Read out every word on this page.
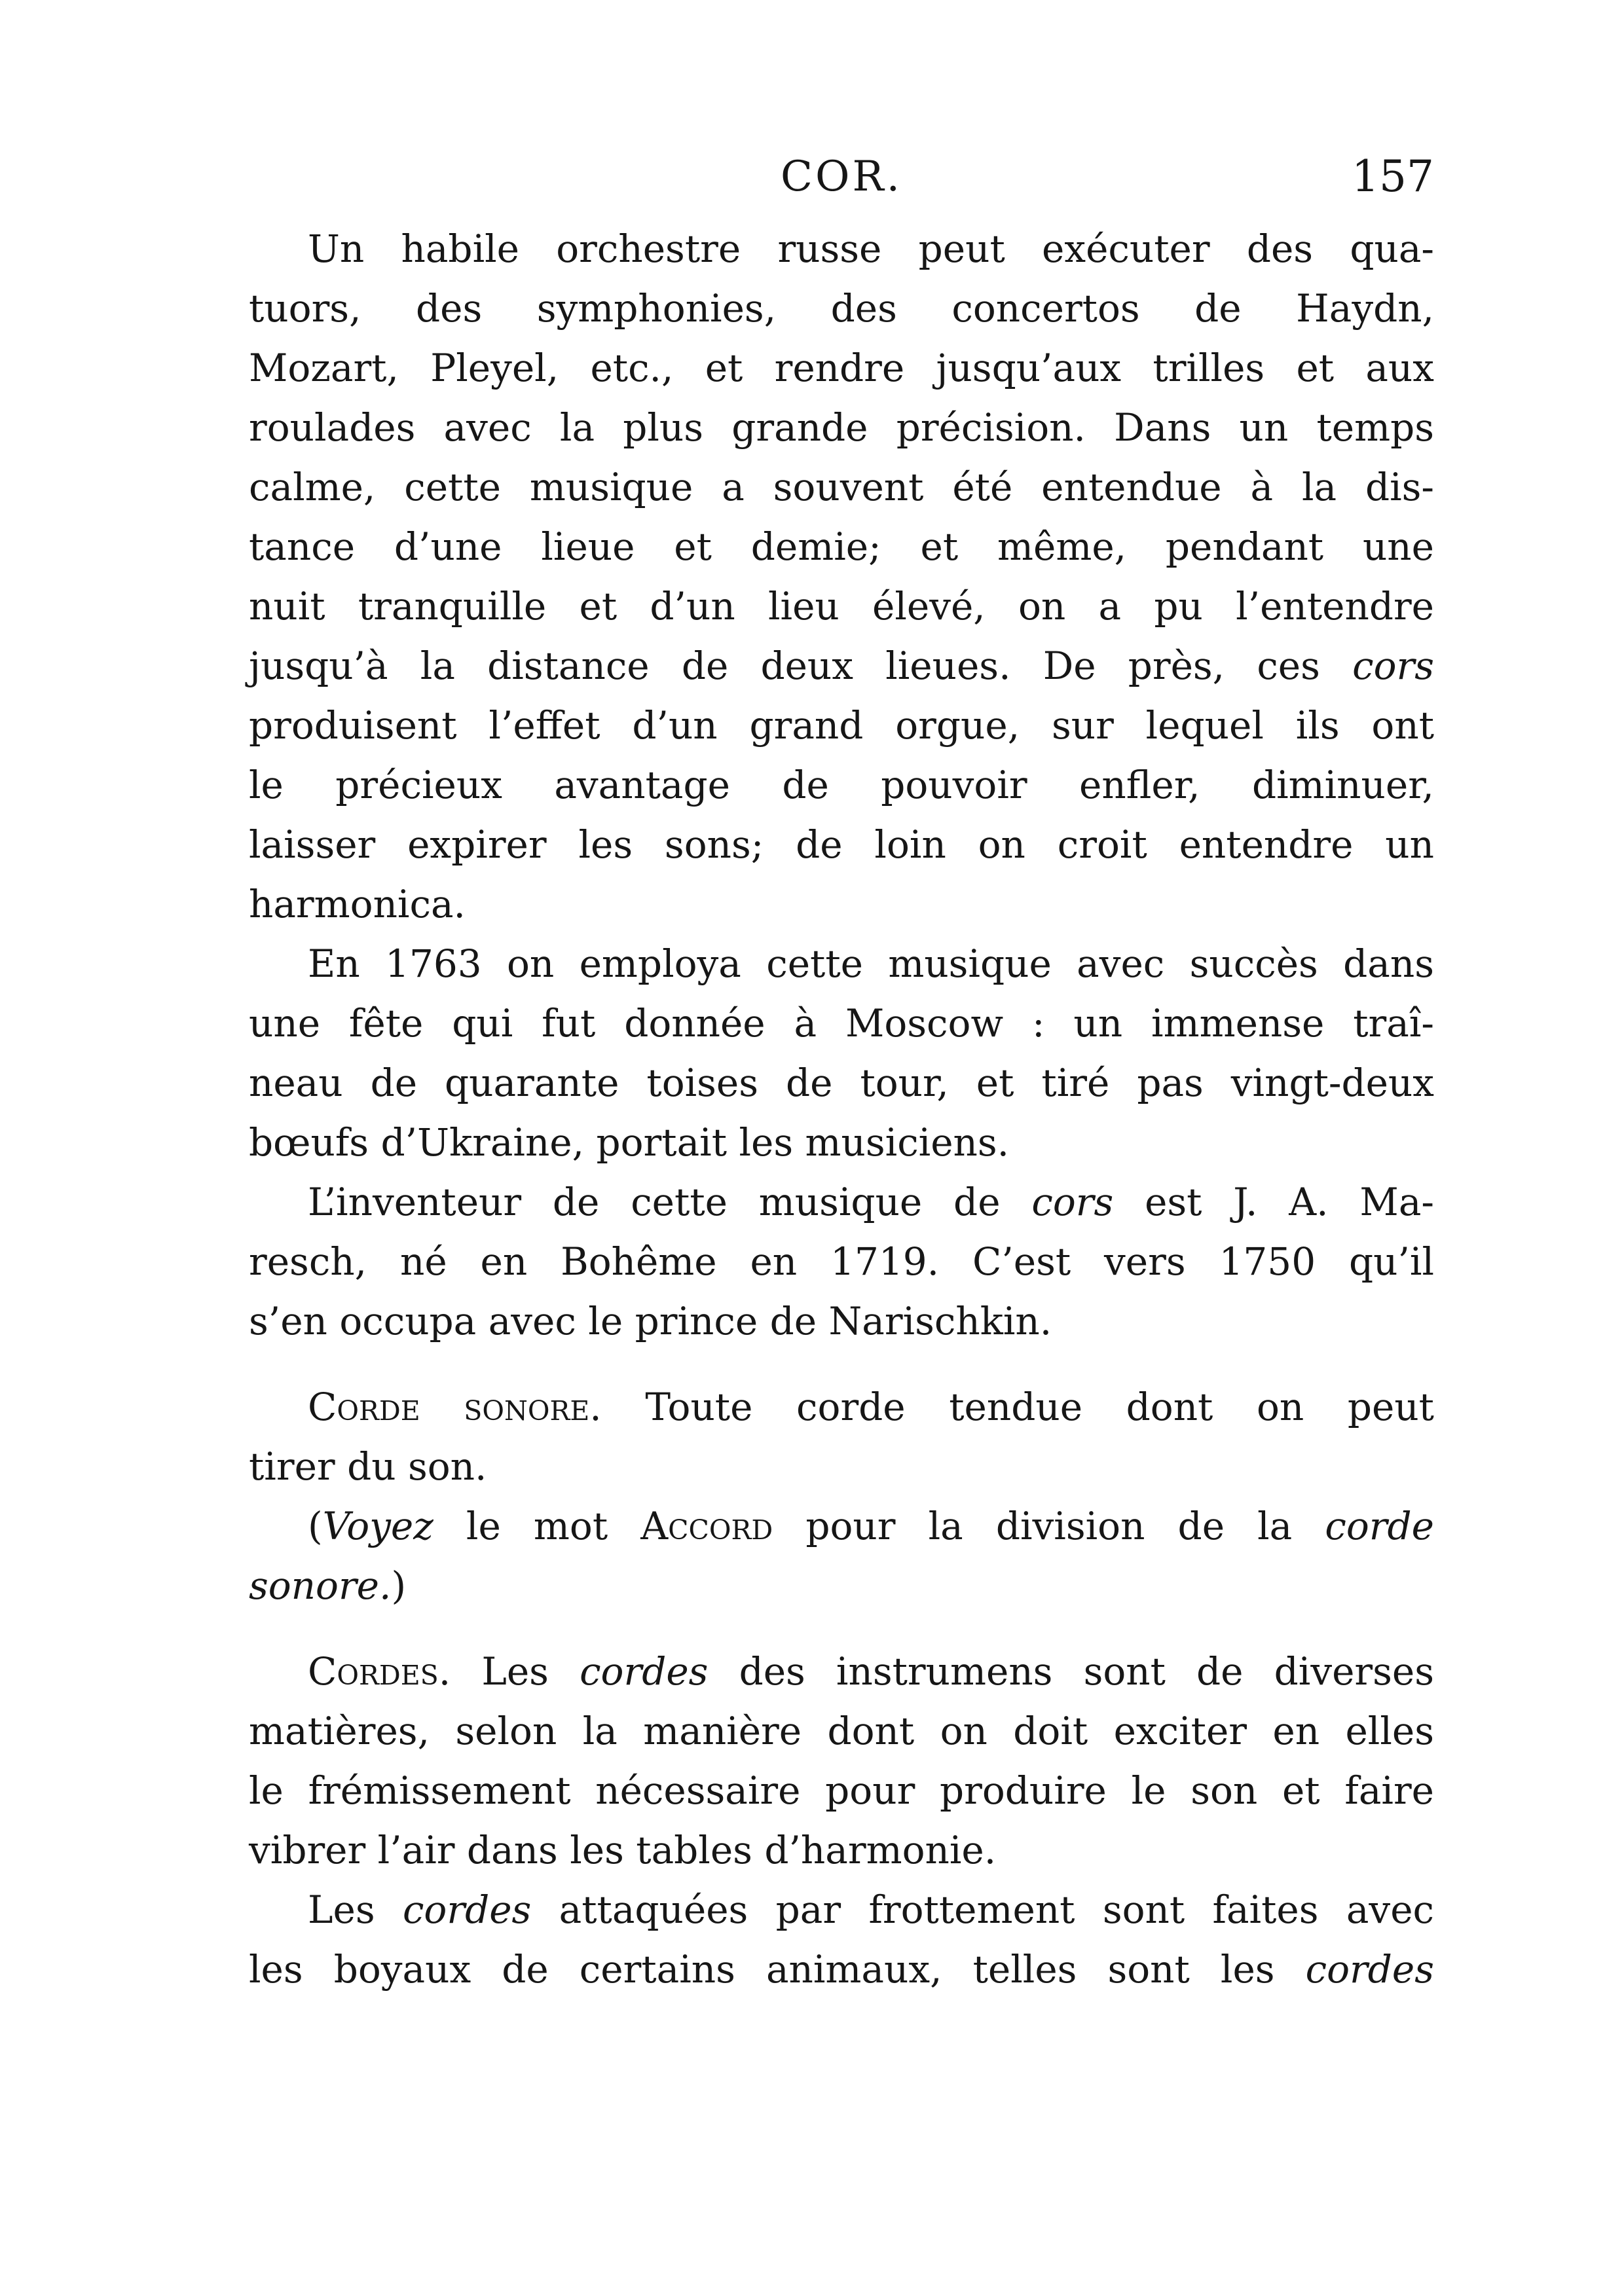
COR.	157
Un habile orchestre russe peut exécuter des qua-
tuors, des symphonies, des concertos de Haydn,
Mozart, Pleyel, etc., et rendre jusqu’aux trilles et aux
roulades avec la plus grande précision. Dans un temps
calme, cette musique a souvent été entendue à la dis-
tance d’une lieue et demie; et même, pendant une
nuit tranquille et d’un lieu élevé, on a pu l’entendre
jusqu’à la distance de deux lieues. De près, ces cors
produisent l’effet d’un grand orgue, sur lequel ils ont
le précieux avantage de pouvoir enfler, diminuer,
laisser expirer les sons; de loin on croit entendre un
harmonica.
En 1763 on employa cette musique avec succès dans
une fête qui fut donnée à Moscow : un immense traî-
neau de quarante toises de tour, et tiré pas vingt-deux
bœufs d’Ukraine, portait les musiciens.
L’inventeur de cette musique de cors est J. A. Ma-
resch, né en Bohême en 1719. C’est vers 1750 qu’il
s’en occupa avec le prince de Narischkin.
Corde sonore. Toute corde tendue dont on peut
tirer du son.
(Voyez le mot Accord pour la division de la corde
sonore.)
Cordes. Les cordes des instrumens sont de diverses
matières, selon la manière dont on doit exciter en elles
le frémissement nécessaire pour produire le son et faire
vibrer l’air dans les tables d’harmonie.
Les cordes attaquées par frottement sont faites avec
les boyaux de certains animaux, telles sont les cordes
